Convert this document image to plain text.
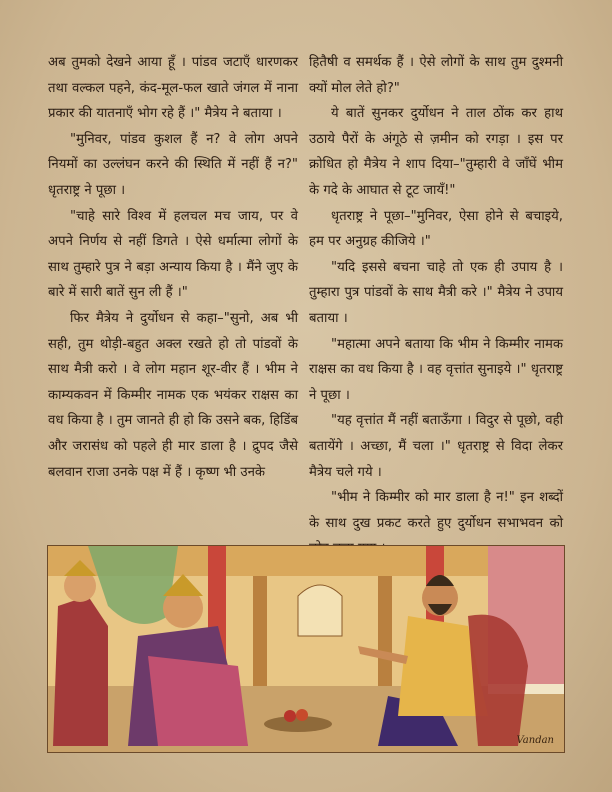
अब तुमको देखने आया हूँ । पांडव जटाएँ धारणकर तथा वल्कल पहने, कंद-मूल-फल खाते जंगल में नाना प्रकार की यातनाएँ भोग रहे हैं ।" मैत्रेय ने बताया ।

"मुनिवर, पांडव कुशल हैं न? वे लोग अपने नियमों का उल्लंघन करने की स्थिति में नहीं हैं न?" धृतराष्ट्र ने पूछा ।

"चाहे सारे विश्व में हलचल मच जाय, पर वे अपने निर्णय से नहीं डिगते । ऐसे धर्मात्मा लोगों के साथ तुम्हारे पुत्र ने बड़ा अन्याय किया है । मैंने जुए के बारे में सारी बातें सुन ली हैं ।"

फिर मैत्रेय ने दुर्योधन से कहा–"सुनो, अब भी सही, तुम थोड़ी-बहुत अक्ल रखते हो तो पांडवों के साथ मैत्री करो । वे लोग महान शूर-वीर हैं । भीम ने काम्यकवन में किम्मीर नामक एक भयंकर राक्षस का वध किया है । तुम जानते ही हो कि उसने बक, हिडिंब और जरासंध को पहले ही मार डाला है । द्रुपद जैसे बलवान राजा उनके पक्ष में हैं । कृष्ण भी उनके

हितैषी व समर्थक हैं । ऐसे लोगों के साथ तुम दुश्मनी क्यों मोल लेते हो?"

ये बातें सुनकर दुर्योधन ने ताल ठोंक कर हाथ उठाये पैरों के अंगूठे से ज़मीन को रगड़ा । इस पर क्रोधित हो मैत्रेय ने शाप दिया–"तुम्हारी वे जाँघें भीम के गदे के आघात से टूट जायँ!"

धृतराष्ट्र ने पूछा–"मुनिवर, ऐसा होने से बचाइये, हम पर अनुग्रह कीजिये ।"

"यदि इससे बचना चाहे तो एक ही उपाय है । तुम्हारा पुत्र पांडवों के साथ मैत्री करे ।" मैत्रेय ने उपाय बताया ।

"महात्मा अपने बताया कि भीम ने किम्मीर नामक राक्षस का वध किया है । वह वृत्तांत सुनाइये ।" धृतराष्ट्र ने पूछा ।

"यह वृत्तांत मैं नहीं बताऊँगा । विदुर से पूछो, वही बतायेंगे । अच्छा, मैं चला ।" धृतराष्ट्र से विदा लेकर मैत्रेय चले गये ।

"भीम ने किम्मीर को मार डाला है न!" इन शब्दों के साथ दुख प्रकट करते हुए दुर्योधन सभाभवन को

Vandan
